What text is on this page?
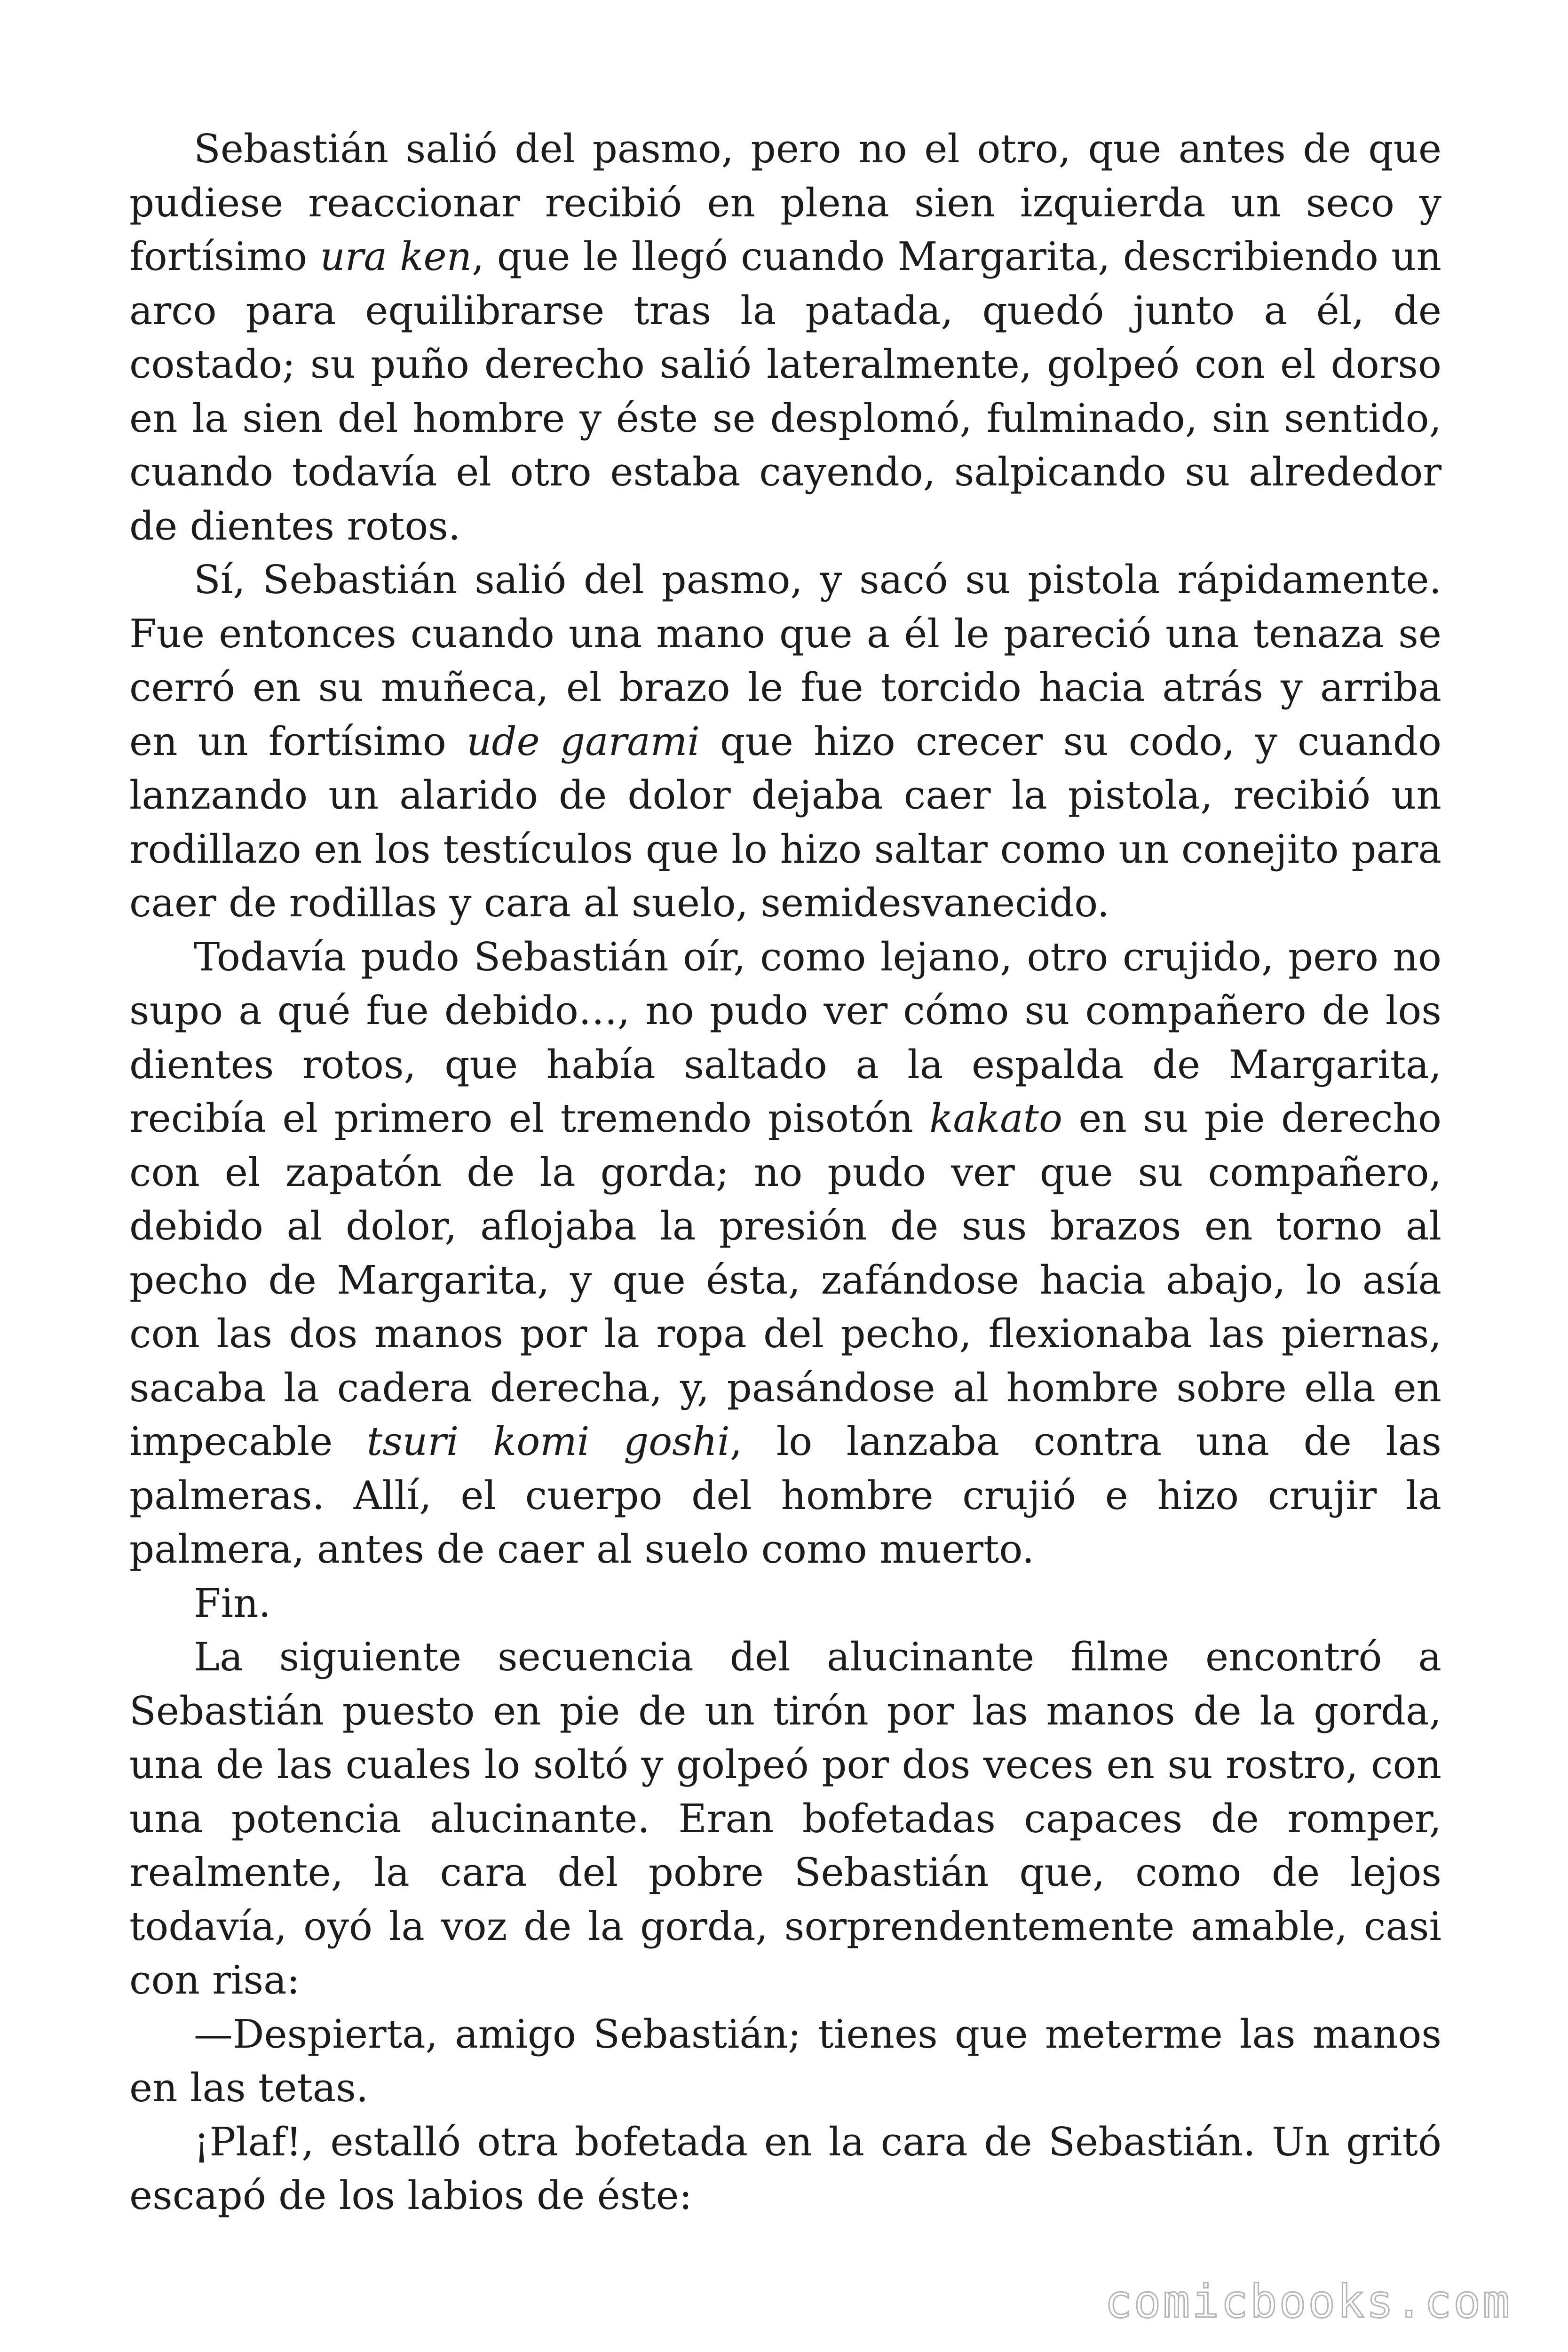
Sebastián salió del pasmo, pero no el otro, que antes de que pudiese reaccionar recibió en plena sien izquierda un seco y fortísimo ura ken, que le llegó cuando Margarita, describiendo un arco para equilibrarse tras la patada, quedó junto a él, de costado; su puño derecho salió lateralmente, golpeó con el dorso en la sien del hombre y éste se desplomó, fulminado, sin sentido, cuando todavía el otro estaba cayendo, salpicando su alrededor de dientes rotos.

Sí, Sebastián salió del pasmo, y sacó su pistola rápidamente. Fue entonces cuando una mano que a él le pareció una tenaza se cerró en su muñeca, el brazo le fue torcido hacia atrás y arriba en un fortísimo ude garami que hizo crecer su codo, y cuando lanzando un alarido de dolor dejaba caer la pistola, recibió un rodillazo en los testículos que lo hizo saltar como un conejito para caer de rodillas y cara al suelo, semidesvanecido.

Todavía pudo Sebastián oír, como lejano, otro crujido, pero no supo a qué fue debido…, no pudo ver cómo su compañero de los dientes rotos, que había saltado a la espalda de Margarita, recibía el primero el tremendo pisotón kakato en su pie derecho con el zapatón de la gorda; no pudo ver que su compañero, debido al dolor, aflojaba la presión de sus brazos en torno al pecho de Margarita, y que ésta, zafándose hacia abajo, lo asía con las dos manos por la ropa del pecho, flexionaba las piernas, sacaba la cadera derecha, y, pasándose al hombre sobre ella en impecable tsuri komi goshi, lo lanzaba contra una de las palmeras. Allí, el cuerpo del hombre crujió e hizo crujir la palmera, antes de caer al suelo como muerto.

Fin.

La siguiente secuencia del alucinante filme encontró a Sebastián puesto en pie de un tirón por las manos de la gorda, una de las cuales lo soltó y golpeó por dos veces en su rostro, con una potencia alucinante. Eran bofetadas capaces de romper, realmente, la cara del pobre Sebastián que, como de lejos todavía, oyó la voz de la gorda, sorprendentemente amable, casi con risa:

—Despierta, amigo Sebastián; tienes que meterme las manos en las tetas.

¡Plaf!, estalló otra bofetada en la cara de Sebastián. Un gritó escapó de los labios de éste:

comicbooks.com
